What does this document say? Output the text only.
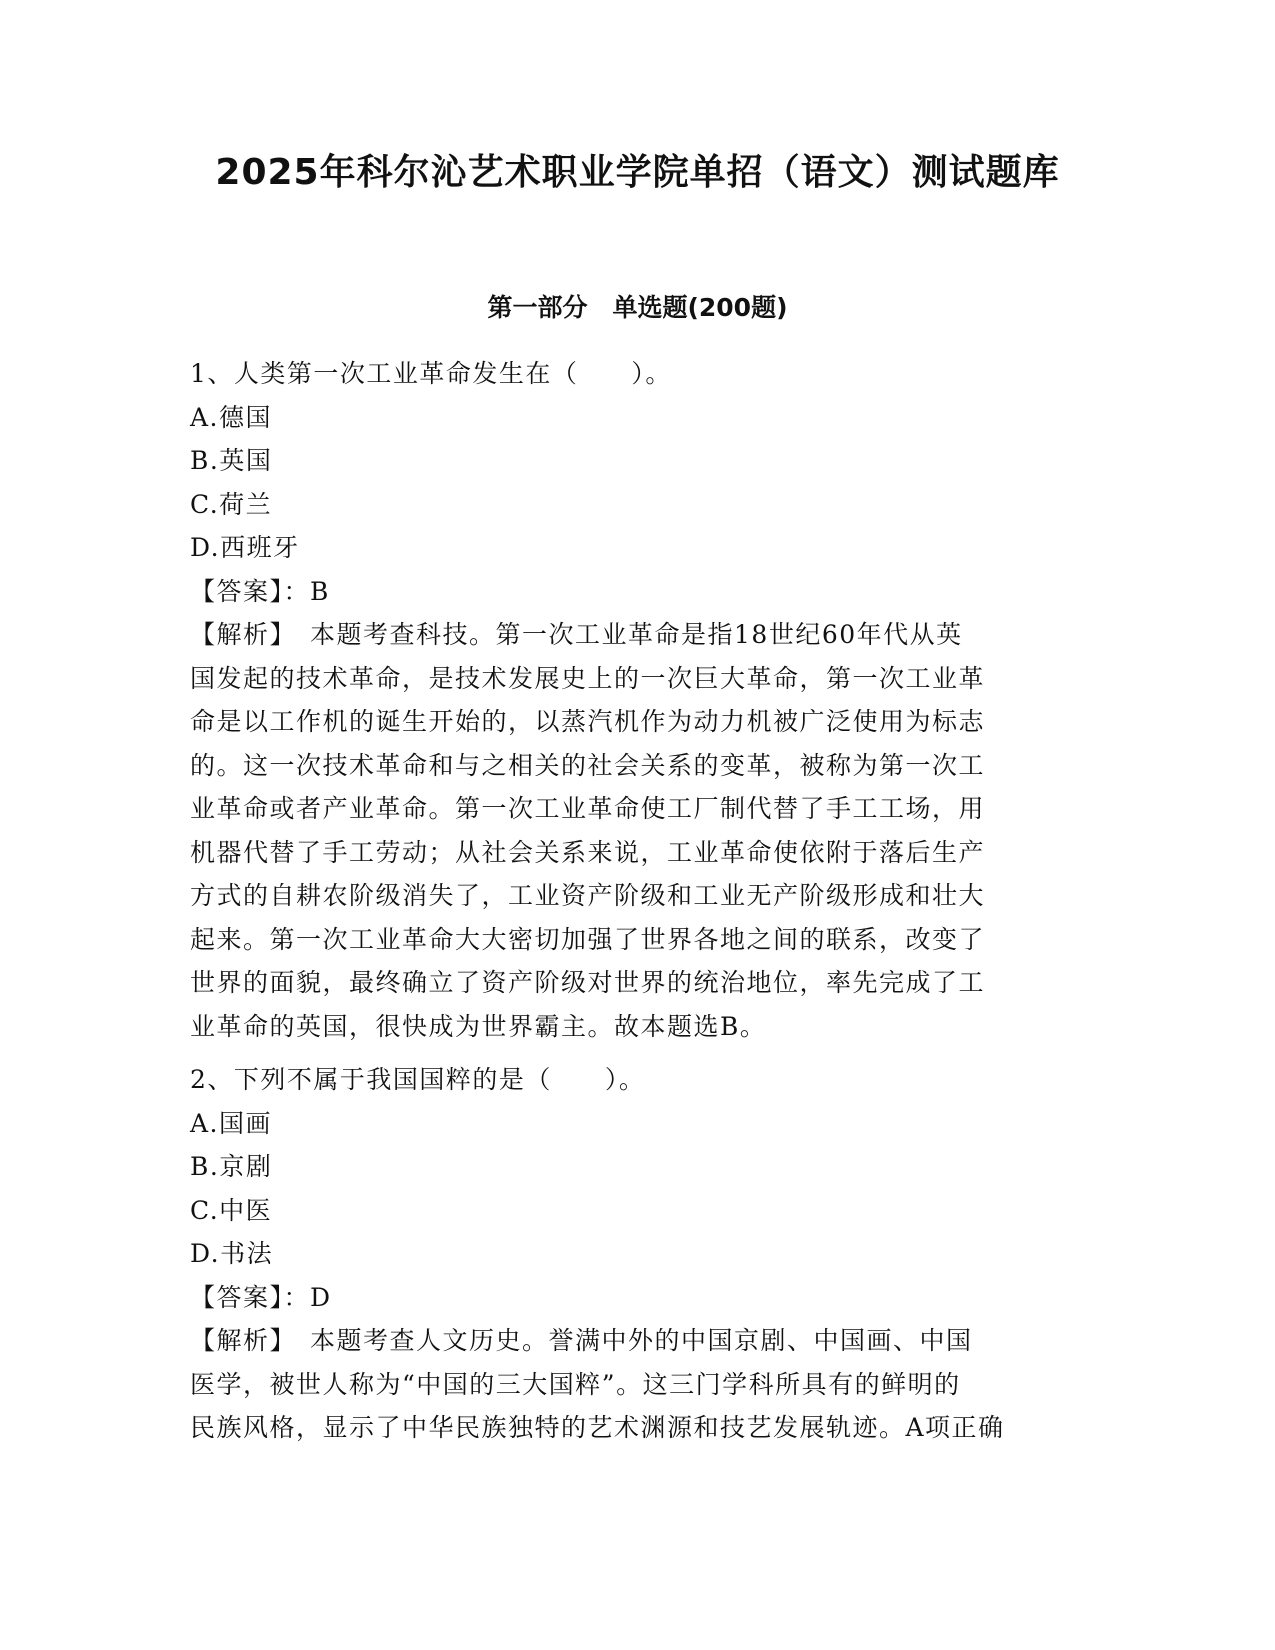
2025年科尔沁艺术职业学院单招（语文）测试题库
第一部分　单选题(200题)
1、人类第一次工业革命发生在（　　）。
A.德国
B.英国
C.荷兰
D.西班牙
【答案】：B
【解析】　本题考查科技。第一次工业革命是指18世纪60年代从英
国发起的技术革命，是技术发展史上的一次巨大革命，第一次工业革
命是以工作机的诞生开始的，以蒸汽机作为动力机被广泛使用为标志
的。这一次技术革命和与之相关的社会关系的变革，被称为第一次工
业革命或者产业革命。第一次工业革命使工厂制代替了手工工场，用
机器代替了手工劳动；从社会关系来说，工业革命使依附于落后生产
方式的自耕农阶级消失了，工业资产阶级和工业无产阶级形成和壮大
起来。第一次工业革命大大密切加强了世界各地之间的联系，改变了
世界的面貌，最终确立了资产阶级对世界的统治地位，率先完成了工
业革命的英国，很快成为世界霸主。故本题选B。
2、下列不属于我国国粹的是（　　）。
A.国画
B.京剧
C.中医
D.书法
【答案】：D
【解析】　本题考查人文历史。誉满中外的中国京剧、中国画、中国
医学，被世人称为“中国的三大国粹”。这三门学科所具有的鲜明的
民族风格，显示了中华民族独特的艺术渊源和技艺发展轨迹。A项正确
